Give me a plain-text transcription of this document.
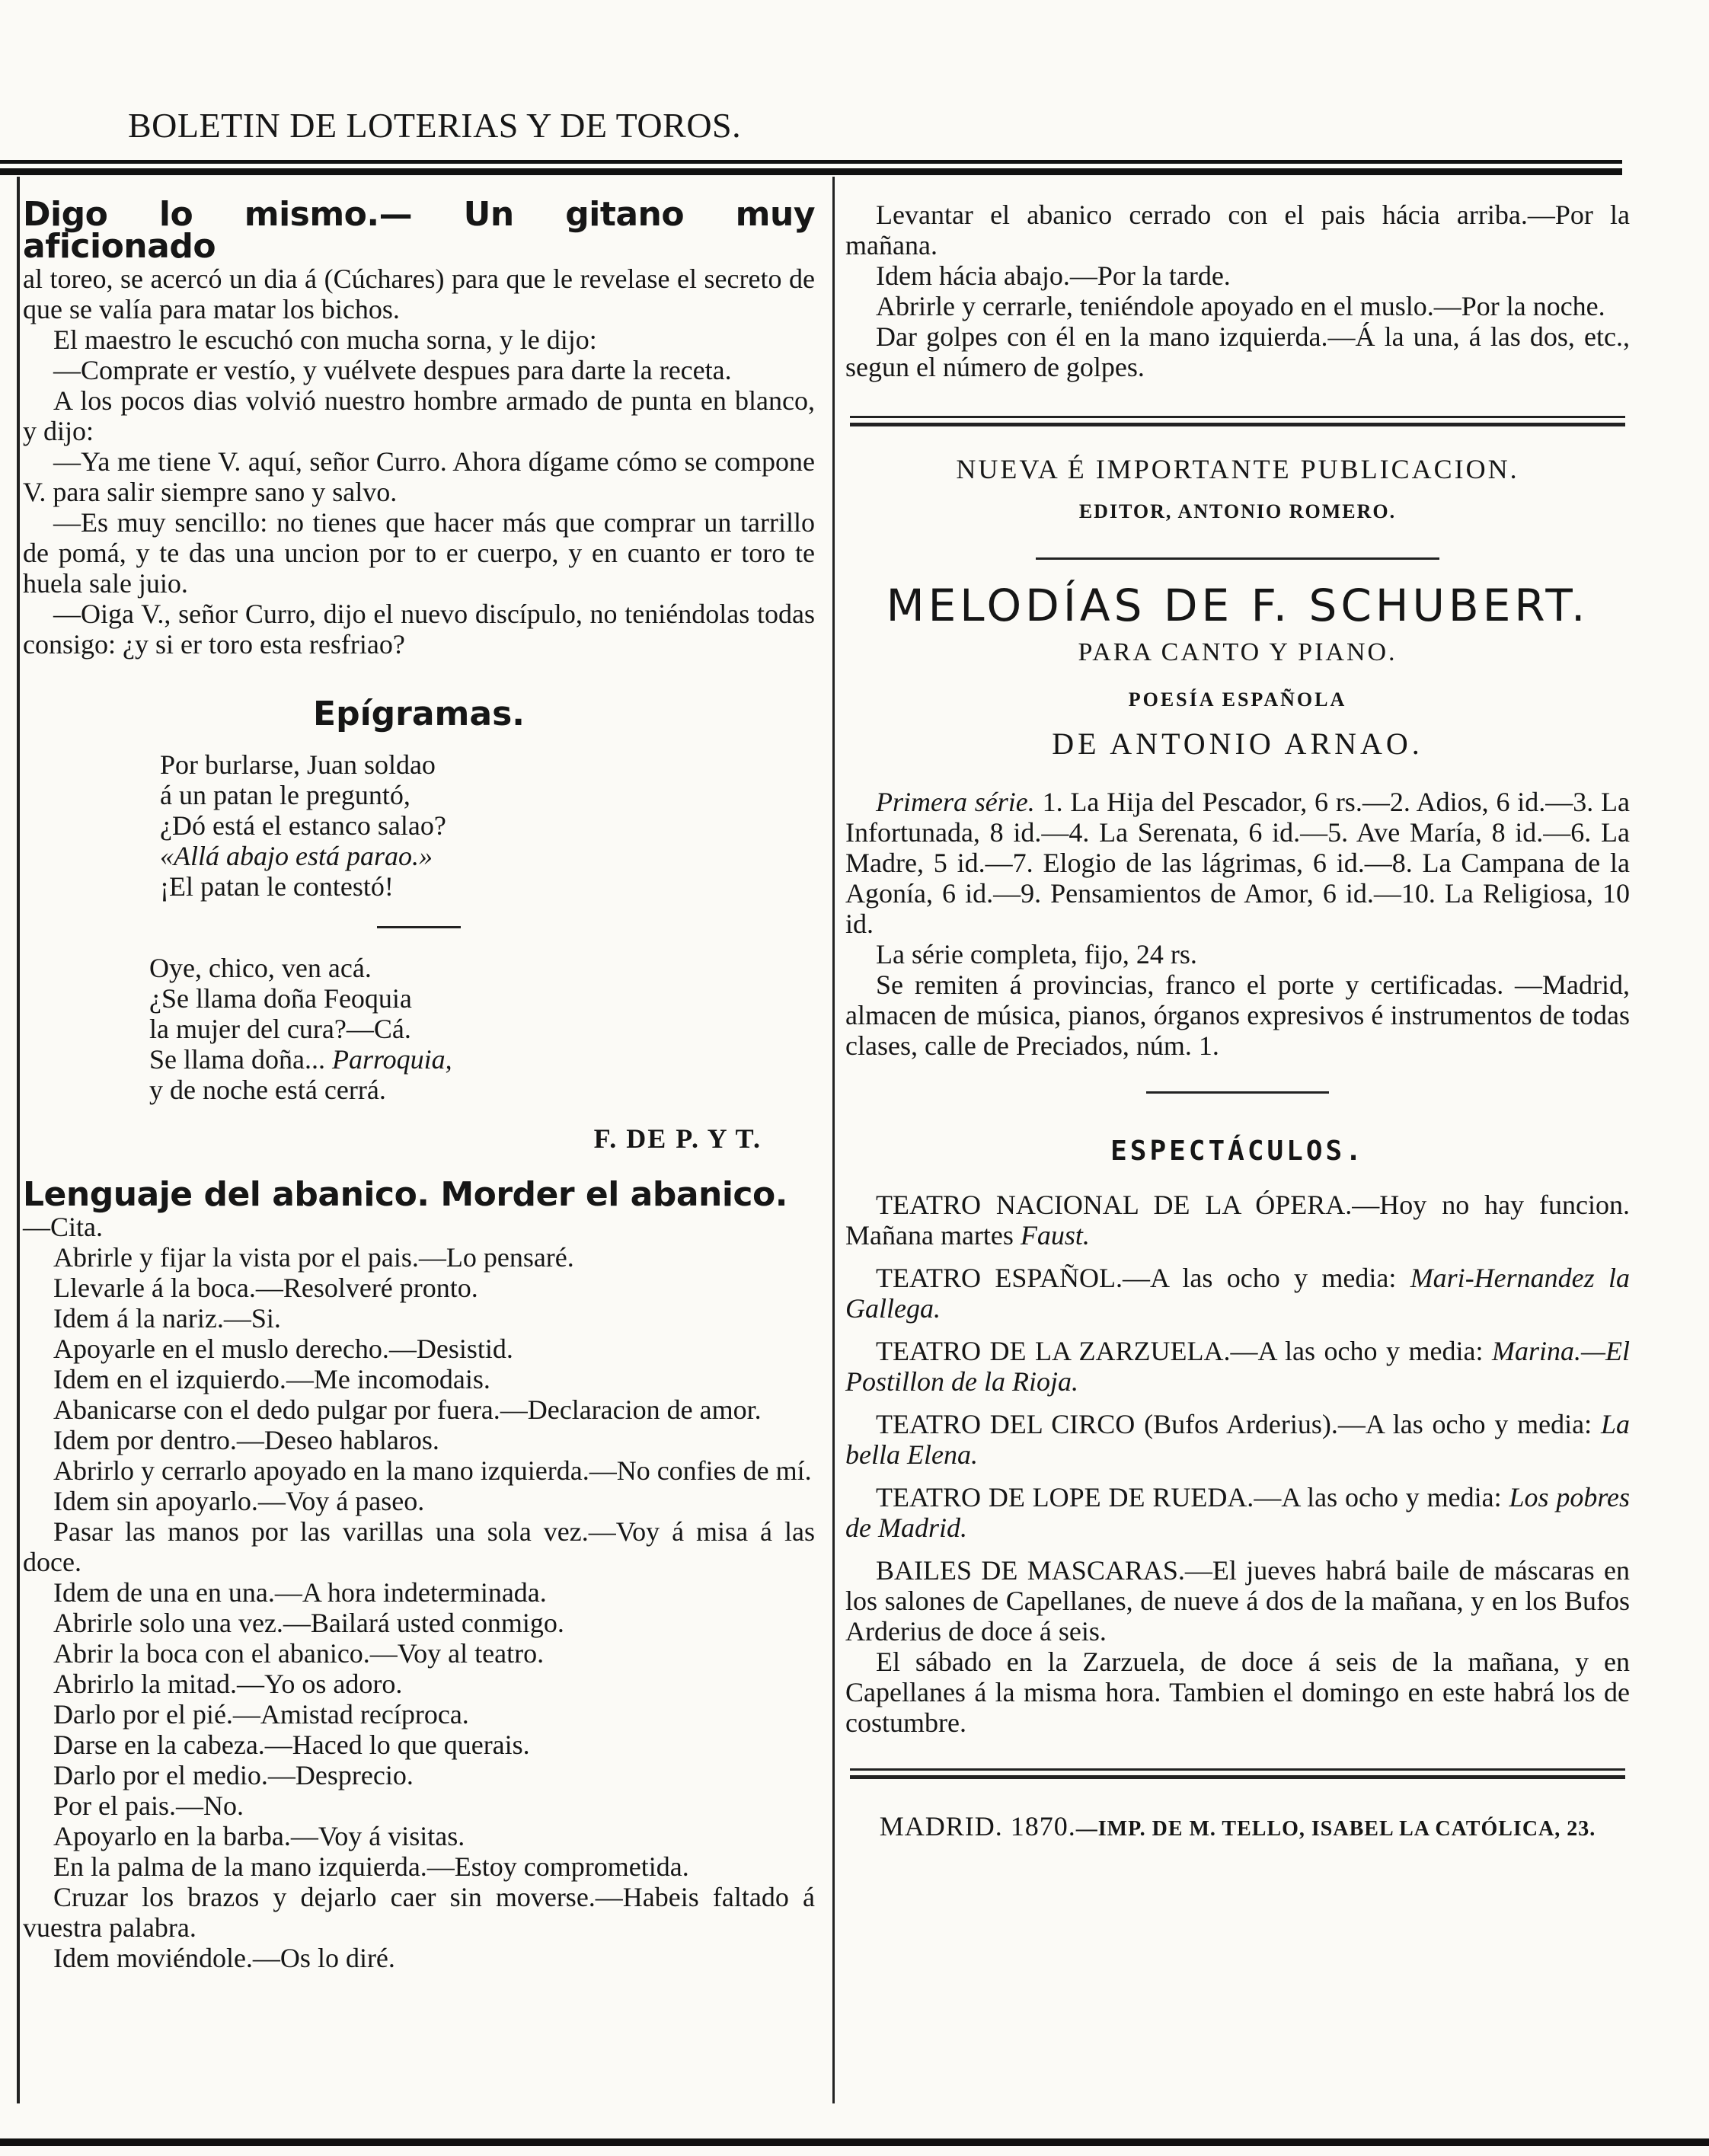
BOLETIN DE LOTERIAS Y DE TOROS.

Digo lo mismo.— Un gitano muy aficionado

al toreo, se acercó un dia á (Cúchares) para que le revelase el secreto de que se valía para matar los bichos.

El maestro le escuchó con mucha sorna, y le dijo:

—Comprate er vestío, y vuélvete despues para darte la receta.

A los pocos dias volvió nuestro hombre armado de punta en blanco, y dijo:

—Ya me tiene V. aquí, señor Curro. Ahora dígame cómo se compone V. para salir siempre sano y salvo.

—Es muy sencillo: no tienes que hacer más que comprar un tarrillo de pomá, y te das una uncion por to er cuerpo, y en cuanto er toro te huela sale juio.

—Oiga V., señor Curro, dijo el nuevo discípulo, no teniéndolas todas consigo: ¿y si er toro esta resfriao?

Epígramas.
Por burlarse, Juan soldao
á un patan le preguntó,
¿Dó está el estanco salao?
«Allá abajo está parao.»
¡El patan le contestó!
Oye, chico, ven acá.
¿Se llama doña Feoquia
la mujer del cura?—Cá.
Se llama doña... Parroquia,
y de noche está cerrá.
F. DE P. Y T.

Lenguaje del abanico. Morder el abanico.

—Cita.

Abrirle y fijar la vista por el pais.—Lo pensaré.

Llevarle á la boca.—Resolveré pronto.

Idem á la nariz.—Si.

Apoyarle en el muslo derecho.—Desistid.

Idem en el izquierdo.—Me incomodais.

Abanicarse con el dedo pulgar por fuera.—Declaracion de amor.

Idem por dentro.—Deseo hablaros.

Abrirlo y cerrarlo apoyado en la mano izquierda.—No confies de mí.

Idem sin apoyarlo.—Voy á paseo.

Pasar las manos por las varillas una sola vez.—Voy á misa á las doce.

Idem de una en una.—A hora indeterminada.

Abrirle solo una vez.—Bailará usted conmigo.

Abrir la boca con el abanico.—Voy al teatro.

Abrirlo la mitad.—Yo os adoro.

Darlo por el pié.—Amistad recíproca.

Darse en la cabeza.—Haced lo que querais.

Darlo por el medio.—Desprecio.

Por el pais.—No.

Apoyarlo en la barba.—Voy á visitas.

En la palma de la mano izquierda.—Estoy comprometida.

Cruzar los brazos y dejarlo caer sin moverse.—Habeis faltado á vuestra palabra.

Idem moviéndole.—Os lo diré.

Levantar el abanico cerrado con el pais hácia arriba.—Por la mañana.

Idem hácia abajo.—Por la tarde.

Abrirle y cerrarle, teniéndole apoyado en el muslo.—Por la noche.

Dar golpes con él en la mano izquierda.—Á la una, á las dos, etc., segun el número de golpes.

NUEVA É IMPORTANTE PUBLICACION.
EDITOR, ANTONIO ROMERO.
MELODÍAS DE F. SCHUBERT.
PARA CANTO Y PIANO.
POESÍA ESPAÑOLA
DE ANTONIO ARNAO.

Primera série. 1. La Hija del Pescador, 6 rs.—2. Adios, 6 id.—3. La Infortunada, 8 id.—4. La Serenata, 6 id.—5. Ave María, 8 id.—6. La Madre, 5 id.—7. Elogio de las lágrimas, 6 id.—8. La Campana de la Agonía, 6 id.—9. Pensamientos de Amor, 6 id.—10. La Religiosa, 10 id.

La série completa, fijo, 24 rs.

Se remiten á provincias, franco el porte y certificadas. —Madrid, almacen de música, pianos, órganos expresivos é instrumentos de todas clases, calle de Preciados, núm. 1.

ESPECTÁCULOS.

TEATRO NACIONAL DE LA ÓPERA.—Hoy no hay funcion. Mañana martes Faust.

TEATRO ESPAÑOL.—A las ocho y media: Mari-Hernandez la Gallega.

TEATRO DE LA ZARZUELA.—A las ocho y media: Marina.—El Postillon de la Rioja.

TEATRO DEL CIRCO (Bufos Arderius).—A las ocho y media: La bella Elena.

TEATRO DE LOPE DE RUEDA.—A las ocho y media: Los pobres de Madrid.

BAILES DE MASCARAS.—El jueves habrá baile de máscaras en los salones de Capellanes, de nueve á dos de la mañana, y en los Bufos Arderius de doce á seis.

El sábado en la Zarzuela, de doce á seis de la mañana, y en Capellanes á la misma hora. Tambien el domingo en este habrá los de costumbre.

MADRID. 1870.—IMP. DE M. TELLO, ISABEL LA CATÓLICA, 23.
